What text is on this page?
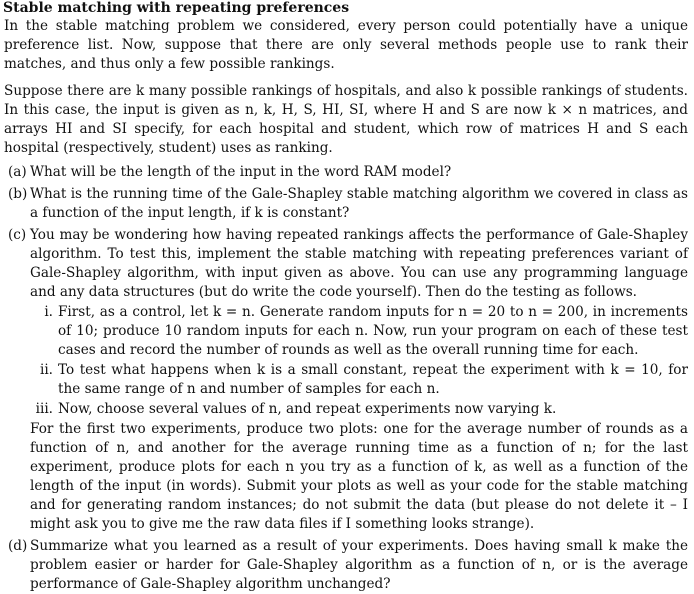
Stable matching with repeating preferences

In the stable matching problem we considered, every person could potentially have a unique preference list. Now, suppose that there are only several methods people use to rank their matches, and thus only a few possible rankings.

Suppose there are k many possible rankings of hospitals, and also k possible rankings of students. In this case, the input is given as n, k, H, S, HI, SI, where H and S are now k × n matrices, and arrays HI and SI specify, for each hospital and student, which row of matrices H and S each hospital (respectively, student) uses as ranking.

(a) What will be the length of the input in the word RAM model?
(b) What is the running time of the Gale-Shapley stable matching algorithm we covered in class as a function of the input length, if k is constant?
(c) You may be wondering how having repeated rankings affects the performance of Gale-Shapley algorithm. To test this, implement the stable matching with repeating preferences variant of Gale-Shapley algorithm, with input given as above. You can use any programming language and any data structures (but do write the code yourself). Then do the testing as follows.
i. First, as a control, let k = n. Generate random inputs for n = 20 to n = 200, in increments of 10; produce 10 random inputs for each n. Now, run your program on each of these test cases and record the number of rounds as well as the overall running time for each.
ii. To test what happens when k is a small constant, repeat the experiment with k = 10, for the same range of n and number of samples for each n.
iii. Now, choose several values of n, and repeat experiments now varying k.
For the first two experiments, produce two plots: one for the average number of rounds as a function of n, and another for the average running time as a function of n; for the last experiment, produce plots for each n you try as a function of k, as well as a function of the length of the input (in words). Submit your plots as well as your code for the stable matching and for generating random instances; do not submit the data (but please do not delete it – I might ask you to give me the raw data files if I something looks strange).
(d) Summarize what you learned as a result of your experiments. Does having small k make the problem easier or harder for Gale-Shapley algorithm as a function of n, or is the average performance of Gale-Shapley algorithm unchanged?
